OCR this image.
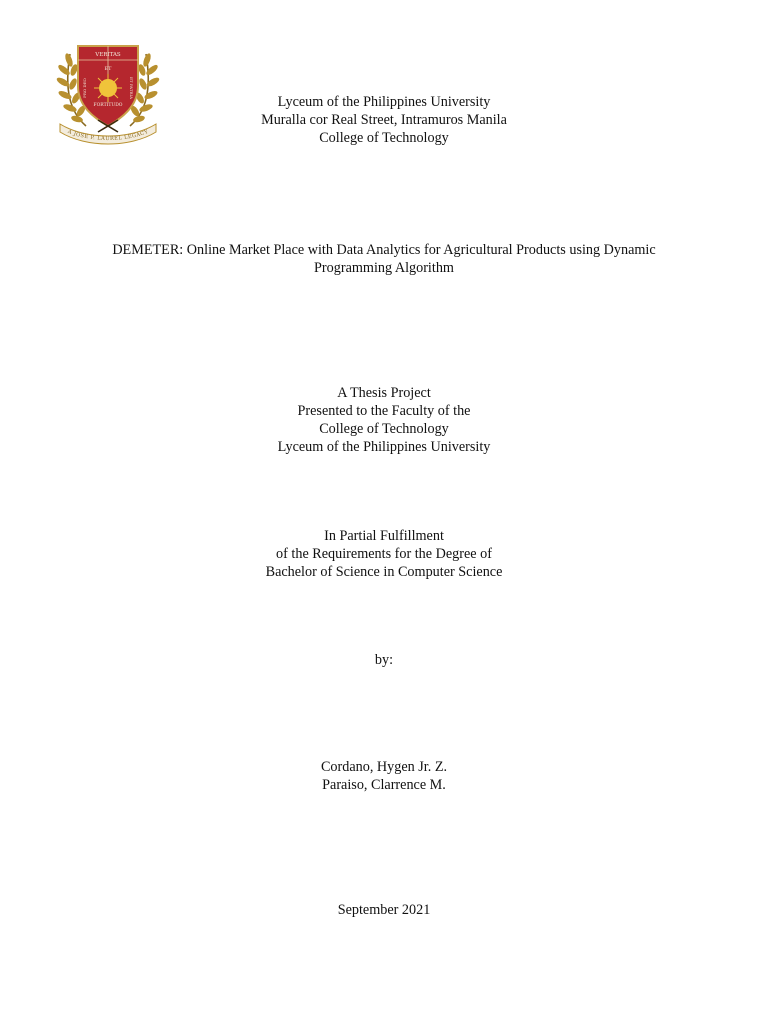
VERITAS
ET
FORTITUDO
PRO DEO	ET PATRIA
A JOSE P. LAUREL LEGACY
Lyceum of the Philippines University
Muralla cor Real Street, Intramuros Manila
College of Technology
DEMETER: Online Market Place with Data Analytics for Agricultural Products using Dynamic
Programming Algorithm
A Thesis Project
Presented to the Faculty of the
College of Technology
Lyceum of the Philippines University
In Partial Fulfillment
of the Requirements for the Degree of
Bachelor of Science in Computer Science
by:
Cordano, Hygen Jr. Z.
Paraiso, Clarrence M.
September 2021
